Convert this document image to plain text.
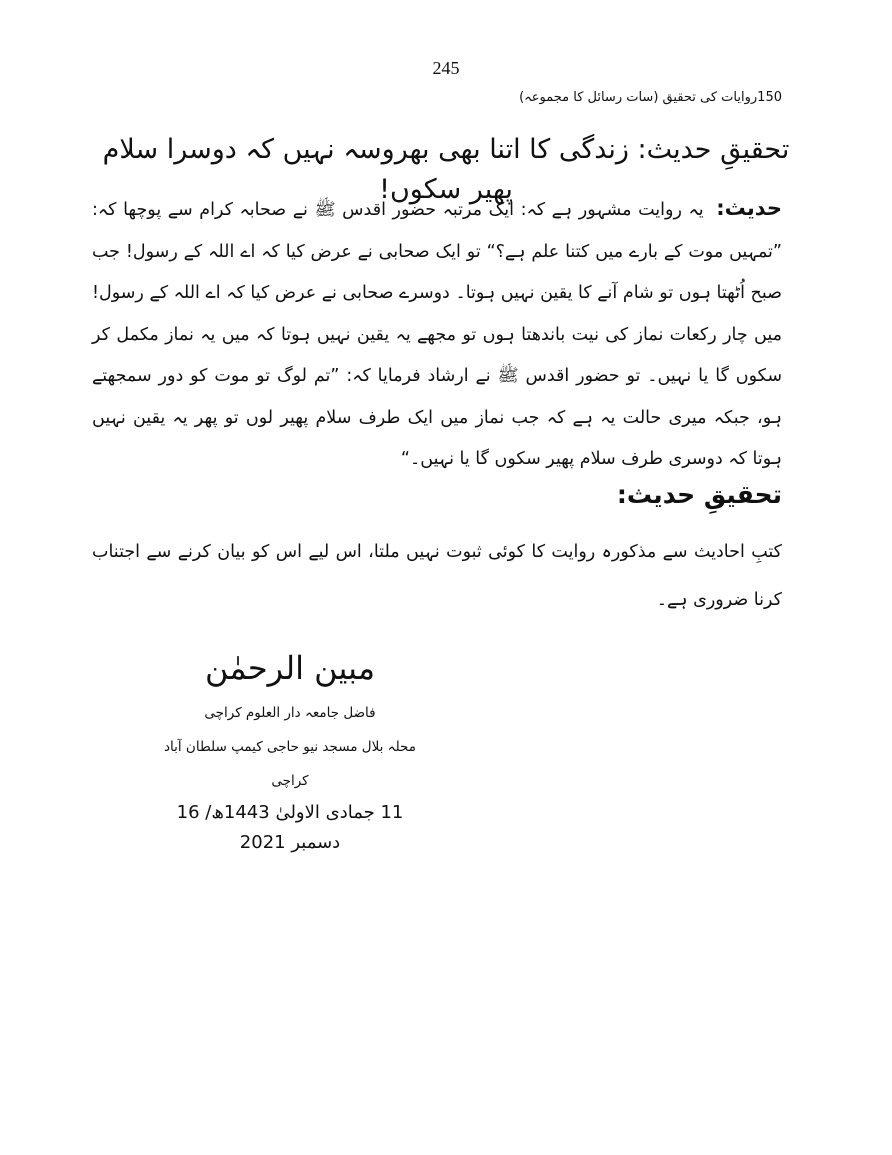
245
150روایات کی تحقیق (سات رسائل کا مجموعہ)
تحقیقِ حدیث: زندگی کا اتنا بھی بھروسہ نہیں کہ دوسرا سلام پھیر سکوں!
حدیث: یہ روایت مشہور ہے کہ: ایک مرتبہ حضور اقدس ﷺ نے صحابہ کرام سے پوچھا کہ: ”تمہیں موت کے بارے میں کتنا علم ہے؟“ تو ایک صحابی نے عرض کیا کہ اے اللہ کے رسول! جب صبح اُٹھتا ہوں تو شام آنے کا یقین نہیں ہوتا۔ دوسرے صحابی نے عرض کیا کہ اے اللہ کے رسول! میں چار رکعات نماز کی نیت باندھتا ہوں تو مجھے یہ یقین نہیں ہوتا کہ میں یہ نماز مکمل کر سکوں گا یا نہیں۔ تو حضور اقدس ﷺ نے ارشاد فرمایا کہ: ”تم لوگ تو موت کو دور سمجھتے ہو، جبکہ میری حالت یہ ہے کہ جب نماز میں ایک طرف سلام پھیر لوں تو پھر یہ یقین نہیں ہوتا کہ دوسری طرف سلام پھیر سکوں گا یا نہیں۔“
تحقیقِ حدیث:
کتبِ احادیث سے مذکورہ روایت کا کوئی ثبوت نہیں ملتا، اس لیے اس کو بیان کرنے سے اجتناب کرنا ضروری ہے۔
مبین الرحمٰن
فاضل جامعہ دار العلوم کراچی
محلہ بلال مسجد نیو حاجی کیمپ سلطان آباد کراچی
11 جمادی الاولیٰ 1443ھ/ 16 دسمبر 2021
